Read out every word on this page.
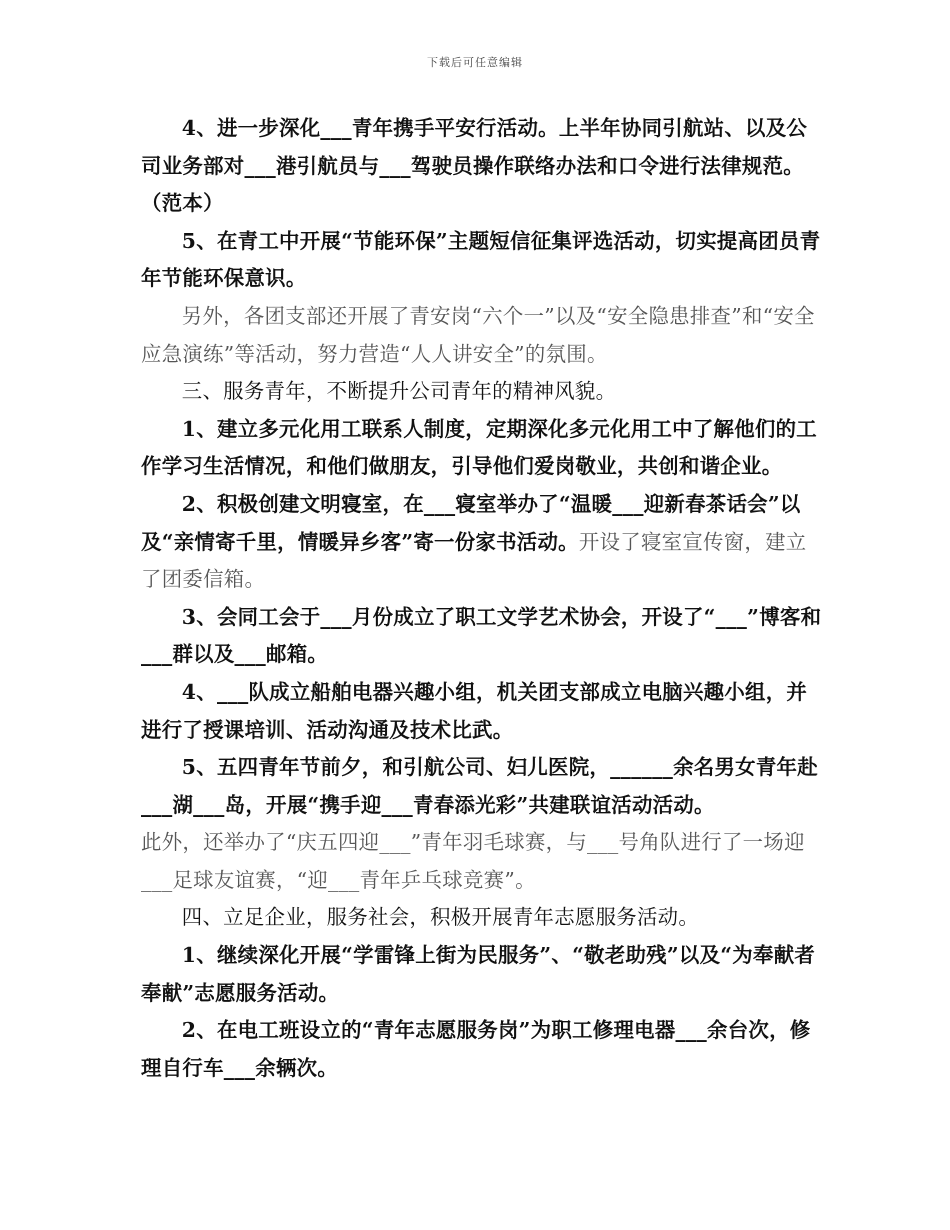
下载后可任意编辑

4、进一步深化___青年携手平安行活动。上半年协同引航站、以及公司业务部对___港引航员与___驾驶员操作联络办法和口令进行法律规范。（范本）

5、在青工中开展“节能环保”主题短信征集评选活动，切实提高团员青年节能环保意识。

另外，各团支部还开展了青安岗“六个一”以及“安全隐患排查”和“安全应急演练”等活动，努力营造“人人讲安全”的氛围。

三、服务青年，不断提升公司青年的精神风貌。

1、建立多元化用工联系人制度，定期深化多元化用工中了解他们的工作学习生活情况，和他们做朋友，引导他们爱岗敬业，共创和谐企业。

2、积极创建文明寝室，在___寝室举办了“温暖___迎新春茶话会”以及“亲情寄千里，情暖异乡客”寄一份家书活动。开设了寝室宣传窗，建立了团委信箱。

3、会同工会于___月份成立了职工文学艺术协会，开设了“___”博客和___群以及___邮箱。

4、___队成立船舶电器兴趣小组，机关团支部成立电脑兴趣小组，并进行了授课培训、活动沟通及技术比武。

5、五四青年节前夕，和引航公司、妇儿医院，______余名男女青年赴___湖___岛，开展“携手迎___青春添光彩”共建联谊活动活动。

此外，还举办了“庆五四迎___”青年羽毛球赛，与___号角队进行了一场迎___足球友谊赛，“迎___青年乒乓球竞赛”。

四、立足企业，服务社会，积极开展青年志愿服务活动。

1、继续深化开展“学雷锋上街为民服务”、“敬老助残”以及“为奉献者奉献”志愿服务活动。

2、在电工班设立的“青年志愿服务岗”为职工修理电器___余台次，修理自行车___余辆次。
